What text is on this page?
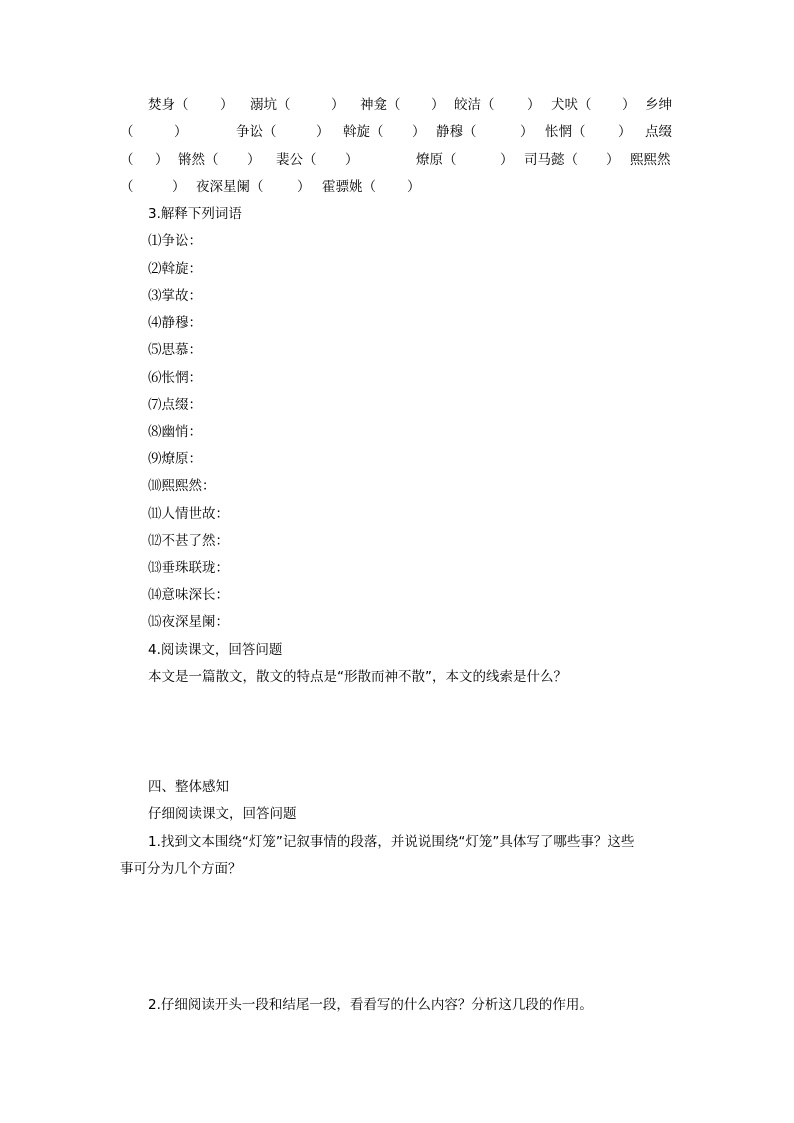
焚身（ ） 溺坑（	） 神龛（ ） 皎洁（ ） 犬吠（ ） 乡绅
（	）	争讼（	） 斡旋（ ） 静穆（	） 怅惘（ ） 点缀
（ ） 锵然（ ） 裴公（ ）	燎原（	） 司马懿（ ） 熙熙然
（	） 夜深星阑（ ） 霍骠姚（ ）
3.解释下列词语
⑴争讼：
⑵斡旋：
⑶掌故：
⑷静穆：
⑸思慕：
⑹怅惘：
⑺点缀：
⑻幽悄：
⑼燎原：
⑽熙熙然：
⑾人情世故：
⑿不甚了然：
⒀垂珠联珑：
⒁意味深长：
⒂夜深星阑：
4.阅读课文，回答问题
本文是一篇散文，散文的特点是“形散而神不散”，本文的线索是什么？
四、整体感知
仔细阅读课文，回答问题
1.找到文本围绕“灯笼”记叙事情的段落，并说说围绕“灯笼”具体写了哪些事？这些
事可分为几个方面？
2.仔细阅读开头一段和结尾一段，看看写的什么内容？分析这几段的作用。
